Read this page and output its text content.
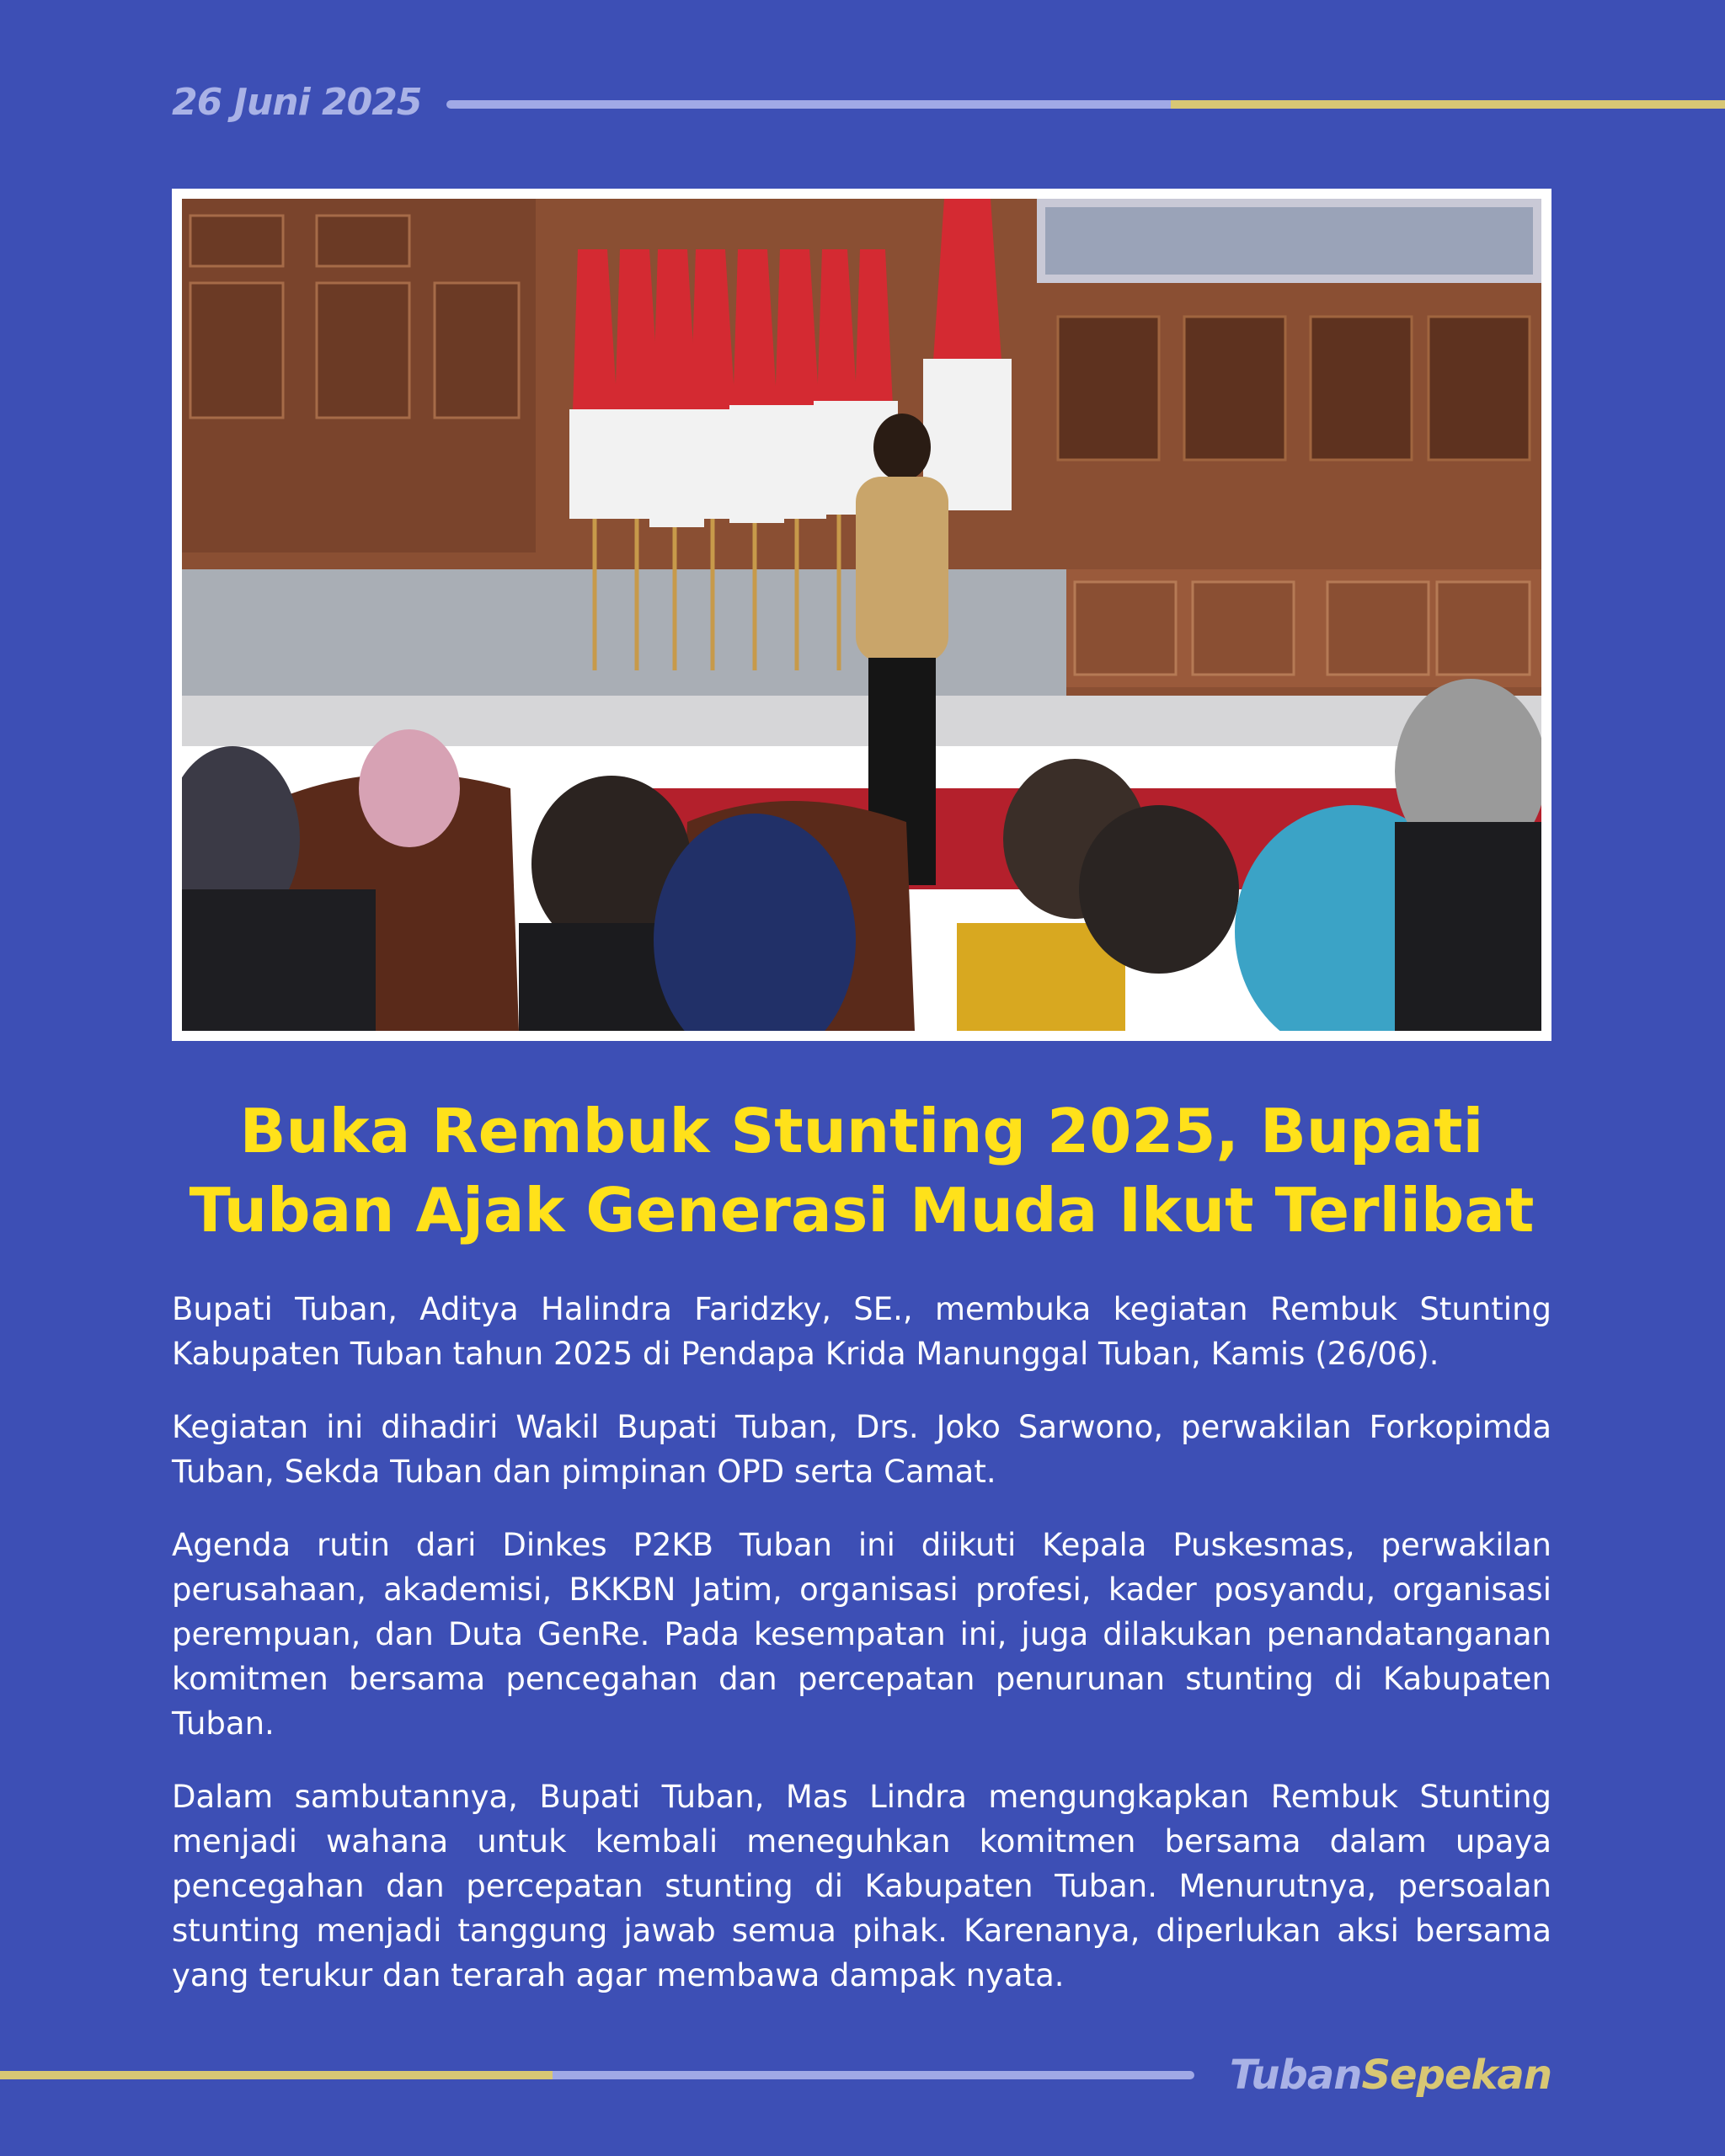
26 Juni 2025
Buka Rembuk Stunting 2025, Bupati Tuban Ajak Generasi Muda Ikut Terlibat

Bupati Tuban, Aditya Halindra Faridzky, SE., membuka kegiatan Rembuk Stunting Kabupaten Tuban tahun 2025 di Pendapa Krida Manunggal Tuban, Kamis (26/06).

Kegiatan ini dihadiri Wakil Bupati Tuban, Drs. Joko Sarwono, perwakilan Forkopimda Tuban, Sekda Tuban dan pimpinan OPD serta Camat.

Agenda rutin dari Dinkes P2KB Tuban ini diikuti Kepala Puskesmas, perwakilan perusahaan, akademisi, BKKBN Jatim, organisasi profesi, kader posyandu, organisasi perempuan, dan Duta GenRe. Pada kesempatan ini, juga dilakukan penandatanganan komitmen bersama pencegahan dan percepatan penurunan stunting di Kabupaten Tuban.

Dalam sambutannya, Bupati Tuban, Mas Lindra mengungkapkan Rembuk Stunting menjadi wahana untuk kembali meneguhkan komitmen bersama dalam upaya pencegahan dan percepatan stunting di Kabupaten Tuban. Menurutnya, persoalan stunting menjadi tanggung jawab semua pihak. Karenanya, diperlukan aksi bersama yang terukur dan terarah agar membawa dampak nyata.

TubanSepekan
